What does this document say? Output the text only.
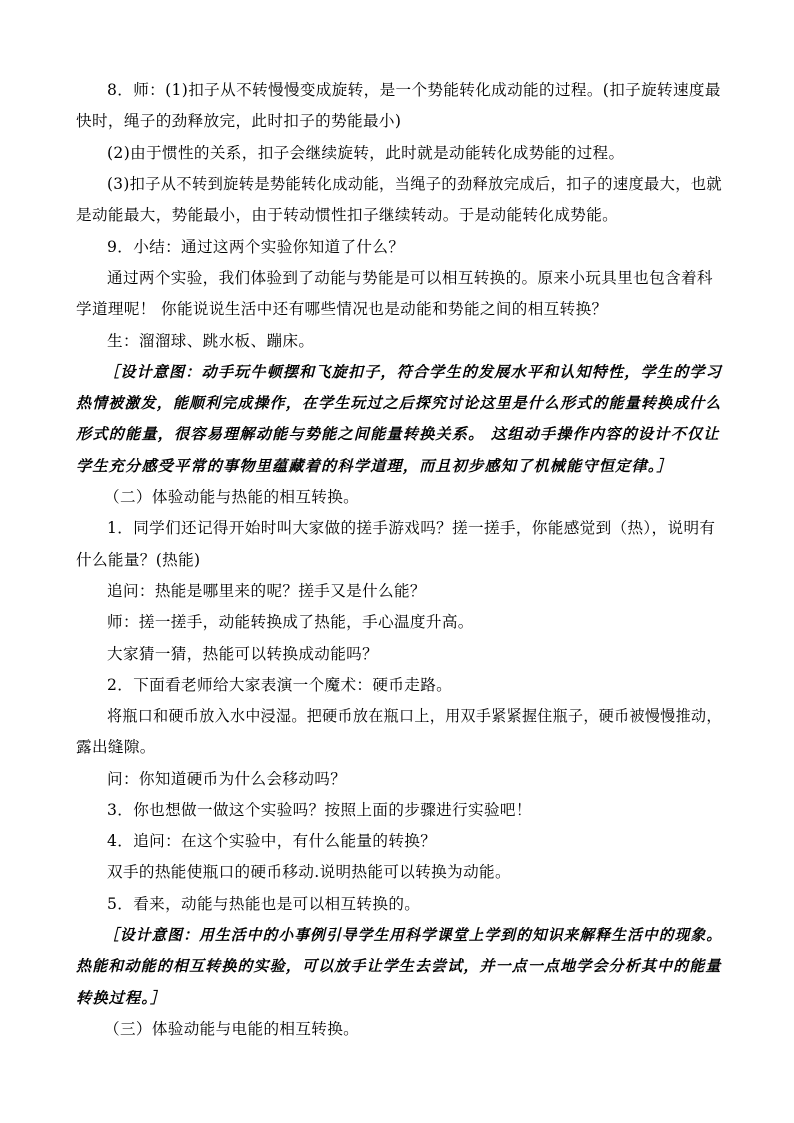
8．师：(1)扣子从不转慢慢变成旋转，是一个势能转化成动能的过程。(扣子旋转速度最

快时，绳子的劲释放完，此时扣子的势能最小)

(2)由于惯性的关系，扣子会继续旋转，此时就是动能转化成势能的过程。

(3)扣子从不转到旋转是势能转化成动能，当绳子的劲释放完成后，扣子的速度最大，也就

是动能最大，势能最小，由于转动惯性扣子继续转动。于是动能转化成势能。

9．小结：通过这两个实验你知道了什么？

通过两个实验，我们体验到了动能与势能是可以相互转换的。原来小玩具里也包含着科

学道理呢！ 你能说说生活中还有哪些情况也是动能和势能之间的相互转换？

生：溜溜球、跳水板、蹦床。

［设计意图：动手玩牛顿摆和飞旋扣子，符合学生的发展水平和认知特性，学生的学习

热情被激发，能顺利完成操作，在学生玩过之后探究讨论这里是什么形式的能量转换成什么

形式的能量，很容易理解动能与势能之间能量转换关系。 这组动手操作内容的设计不仅让

学生充分感受平常的事物里蕴藏着的科学道理，而且初步感知了机械能守恒定律。］

（二）体验动能与热能的相互转换。

1．同学们还记得开始时叫大家做的搓手游戏吗？搓一搓手，你能感觉到（热），说明有

什么能量？(热能)

追问：热能是哪里来的呢？搓手又是什么能？

师：搓一搓手，动能转换成了热能，手心温度升高。

大家猜一猜，热能可以转换成动能吗？

2．下面看老师给大家表演一个魔术：硬币走路。

将瓶口和硬币放入水中浸湿。把硬币放在瓶口上，用双手紧紧握住瓶子，硬币被慢慢推动，

露出缝隙。

问：你知道硬币为什么会移动吗？

3．你也想做一做这个实验吗？按照上面的步骤进行实验吧！

4．追问：在这个实验中，有什么能量的转换？

双手的热能使瓶口的硬币移动.说明热能可以转换为动能。

5．看来，动能与热能也是可以相互转换的。

［设计意图：用生活中的小事例引导学生用科学课堂上学到的知识来解释生活中的现象。

热能和动能的相互转换的实验，可以放手让学生去尝试，并一点一点地学会分析其中的能量

转换过程。］

（三）体验动能与电能的相互转换。
